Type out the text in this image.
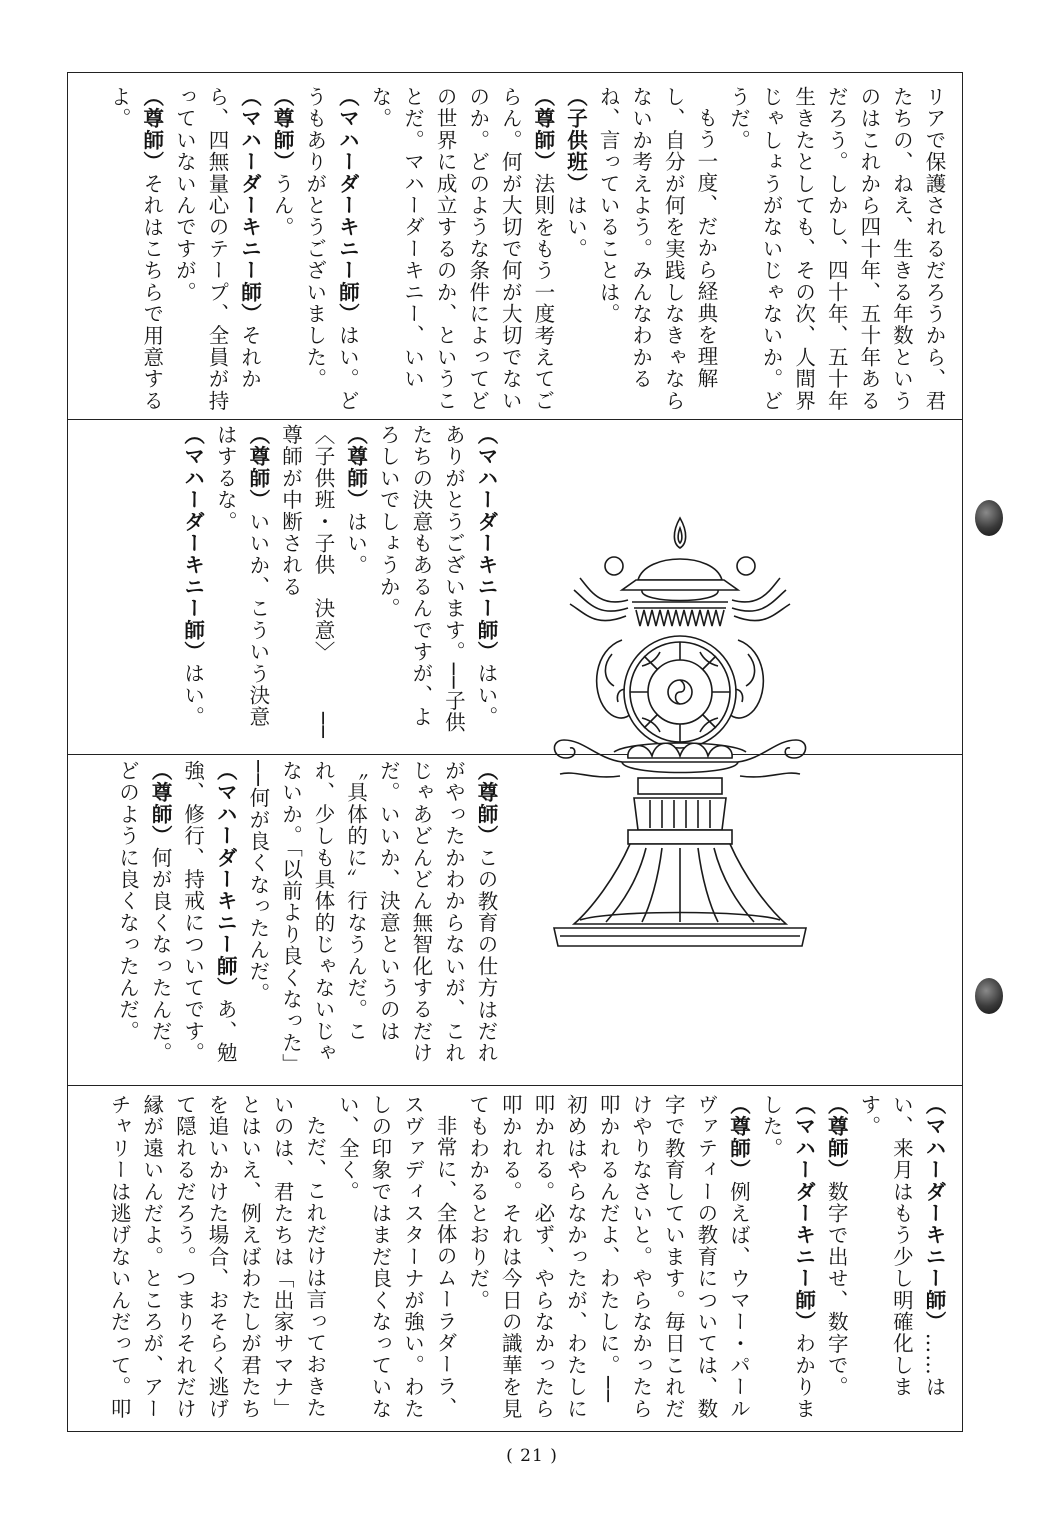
リアで保護されるだろうから、君たちの、ねえ、生きる年数というのはこれから四十年、五十年あるだろう。しかし、四十年、五十年生きたとしても、その次、人間界じゃしょうがないじゃないか。どうだ。

もう一度、だから経典を理解し、自分が何を実践しなきゃならないか考えよう。みんなわかるね、言っていることは。

（子供班）はい。

（尊師）法則をもう一度考えてごらん。何が大切で何が大切でないのか。どのような条件によってどの世界に成立するのか、ということだ。マハーダーキニー、いいな。

（マハーダーキニー師）はい。どうもありがとうございました。

（尊師）うん。

（マハーダーキニー師）それから、四無量心のテープ、全員が持っていないんですが。

（尊師）それはこちらで用意するよ。

（マハーダーキニー師）はい。ありがとうございます。──子供たちの決意もあるんですが、よろしいでしょうか。

（尊師）はい。

〈子供班・子供　決意〉──尊師が中断される

（尊師）いいか、こういう決意はするな。

（マハーダーキニー師）はい。

（尊師）この教育の仕方はだれがやったかわからないが、これじゃあどんどん無智化するだけだ。いいか、決意というのは〝具体的に〟行なうんだ。これ、少しも具体的じゃないじゃないか。「以前より良くなった」──何が良くなったんだ。

（マハーダーキニー師）あ、勉強、修行、持戒についてです。

（尊師）何が良くなったんだ。どのように良くなったんだ。

（マハーダーキニー師）……はい、来月はもう少し明確化します。

（尊師）数字で出せ、数字で。

（マハーダーキニー師）わかりました。

（尊師）例えば、ウマー・パールヴァティーの教育については、数字で教育しています。毎日これだけやりなさいと。やらなかったら叩かれるんだよ、わたしに。──初めはやらなかったが、わたしに叩かれる。必ず、やらなかったら叩かれる。それは今日の識華を見てもわかるとおりだ。

非常に、全体のムーラダーラ、スヴァディスターナが強い。わたしの印象ではまだ良くなっていない、全く。

ただ、これだけは言っておきたいのは、君たちは「出家サマナ」とはいえ、例えばわたしが君たちを追いかけた場合、おそらく逃げて隠れるだろう。つまりそれだけ縁が遠いんだよ。ところが、アーチャリーは逃げないんだって。叩

( 21 )
